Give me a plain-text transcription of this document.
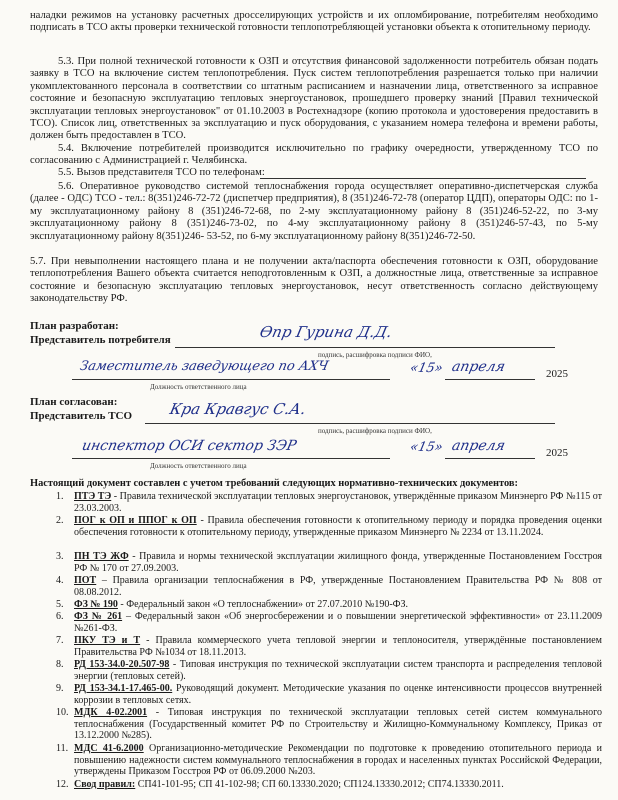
наладки режимов на установку расчетных дросселирующих устройств и их опломбирование, потребителям необходимо подписать в ТСО акты проверки технической готовности теплопотребляющей установки объекта к отопительному периоду.
5.3. При полной технической готовности к ОЗП и отсутствия финансовой задолженности потребитель обязан подать заявку в ТСО на включение систем теплопотребления. Пуск систем теплопотребления разрешается только при наличии укомплектованного персонала в соответствии со штатным расписанием и назначении лица, ответственного за исправное состояние и безопасную эксплуатацию тепловых энергоустановок, прошедшего проверку знаний [Правил технической эксплуатации тепловых энергоустановок" от 01.10.2003 в Ростехнадзоре (копию протокола и удостоверения предоставить в ТСО). Список лиц, ответственных за эксплуатацию и пуск оборудования, с указанием номера телефона и времени работы, должен быть предоставлен в ТСО.
5.4. Включение потребителей производится исключительно по графику очередности, утвержденному ТСО по согласованию с Администрацией г. Челябинска.
5.5. Вызов представителя ТСО по телефонам:
5.6. Оперативное руководство системой теплоснабжения города осуществляет оперативно-диспетчерская служба (далее - ОДС) ТСО - тел.: 8(351)246-72-72 (диспетчер предприятия), 8 (351)246-72-78 (оператор ЦДП), операторы ОДС: по 1-му эксплуатационному району 8 (351)246-72-68, по 2-му эксплуатационному району 8 (351)246-52-22, по 3-му эксплуатационному району 8 (351)246-73-02, по 4-му эксплуатационному району 8 (351)246-57-43, по 5-му эксплуатационному району 8(351)246- 53-52, по 6-му эксплуатационному району 8(351)246-72-50.
5.7. При невыполнении настоящего плана и не получении акта/паспорта обеспечения готовности к ОЗП, оборудование теплопотребления Вашего объекта считается неподготовленным к ОЗП, а должностные лица, ответственные за исправное состояние и безопасную эксплуатацию тепловых энергоустановок, несут ответственность согласно действующему законодательству РФ.
План разработан:
Представитель потребителя	Ѳпр Гурина Д.Д.
подпись, расшифровка подписи ФИО,
Заместитель заведующего по АХЧ
Должность ответственного лица
«15» апреля	2025
План согласован:
Представитель ТСО Кра Кравгус С.А.
подпись, расшифровка подписи ФИО,
инспектор ОСИ сектор ЗЭР
Должность ответственного лица
«15» апреля	2025
Настоящий документ составлен с учетом требований следующих нормативно-технических документов:
1. ПТЭ ТЭ - Правила технической эксплуатации тепловых энергоустановок, утверждённые приказом Минэнерго РФ №115 от 23.03.2003.
2. ПОГ к ОП и ППОГ к ОП - Правила обеспечения готовности к отопительному периоду и порядка проведения оценки обеспечения готовности к отопительному периоду, утвержденные приказом Минэнерго № 2234 от 13.11.2024.
3. ПН ТЭ ЖФ - Правила и нормы технической эксплуатации жилищного фонда, утвержденные Постановлением Госстроя РФ № 170 от 27.09.2003.
4. ПОТ – Правила организации теплоснабжения в РФ, утвержденные Постановлением Правительства РФ № 808 от 08.08.2012.
5. ФЗ № 190 - Федеральный закон «О теплоснабжении» от 27.07.2010 №190-ФЗ.
6. ФЗ № 261 – Федеральный закон «Об энергосбережении и о повышении энергетической эффективности» от 23.11.2009 №261-ФЗ.
7. ПКУ ТЭ и Т - Правила коммерческого учета тепловой энергии и теплоносителя, утверждённые постановлением Правительства РФ №1034 от 18.11.2013.
8. РД 153-34.0-20.507-98 - Типовая инструкция по технической эксплуатации систем транспорта и распределения тепловой энергии (тепловых сетей).
9. РД 153-34.1-17.465-00. Руководящий документ. Методические указания по оценке интенсивности процессов внутренней коррозии в тепловых сетях.
10. МДК 4-02.2001 - Типовая инструкция по технической эксплуатации тепловых сетей систем коммунального теплоснабжения (Государственный комитет РФ по Строительству и Жилищно-Коммунальному Комплексу, Приказ от 13.12.2000 №285).
11. МДС 41-6.2000 Организационно-методические Рекомендации по подготовке к проведению отопительного периода и повышению надежности систем коммунального теплоснабжения в городах и населенных пунктах Российской Федерации, утверждены Приказом Госстроя РФ от 06.09.2000 №203.
12. Свод правил: СП41-101-95; СП 41-102-98; СП 60.13330.2020; СП124.13330.2012; СП74.13330.2011.
